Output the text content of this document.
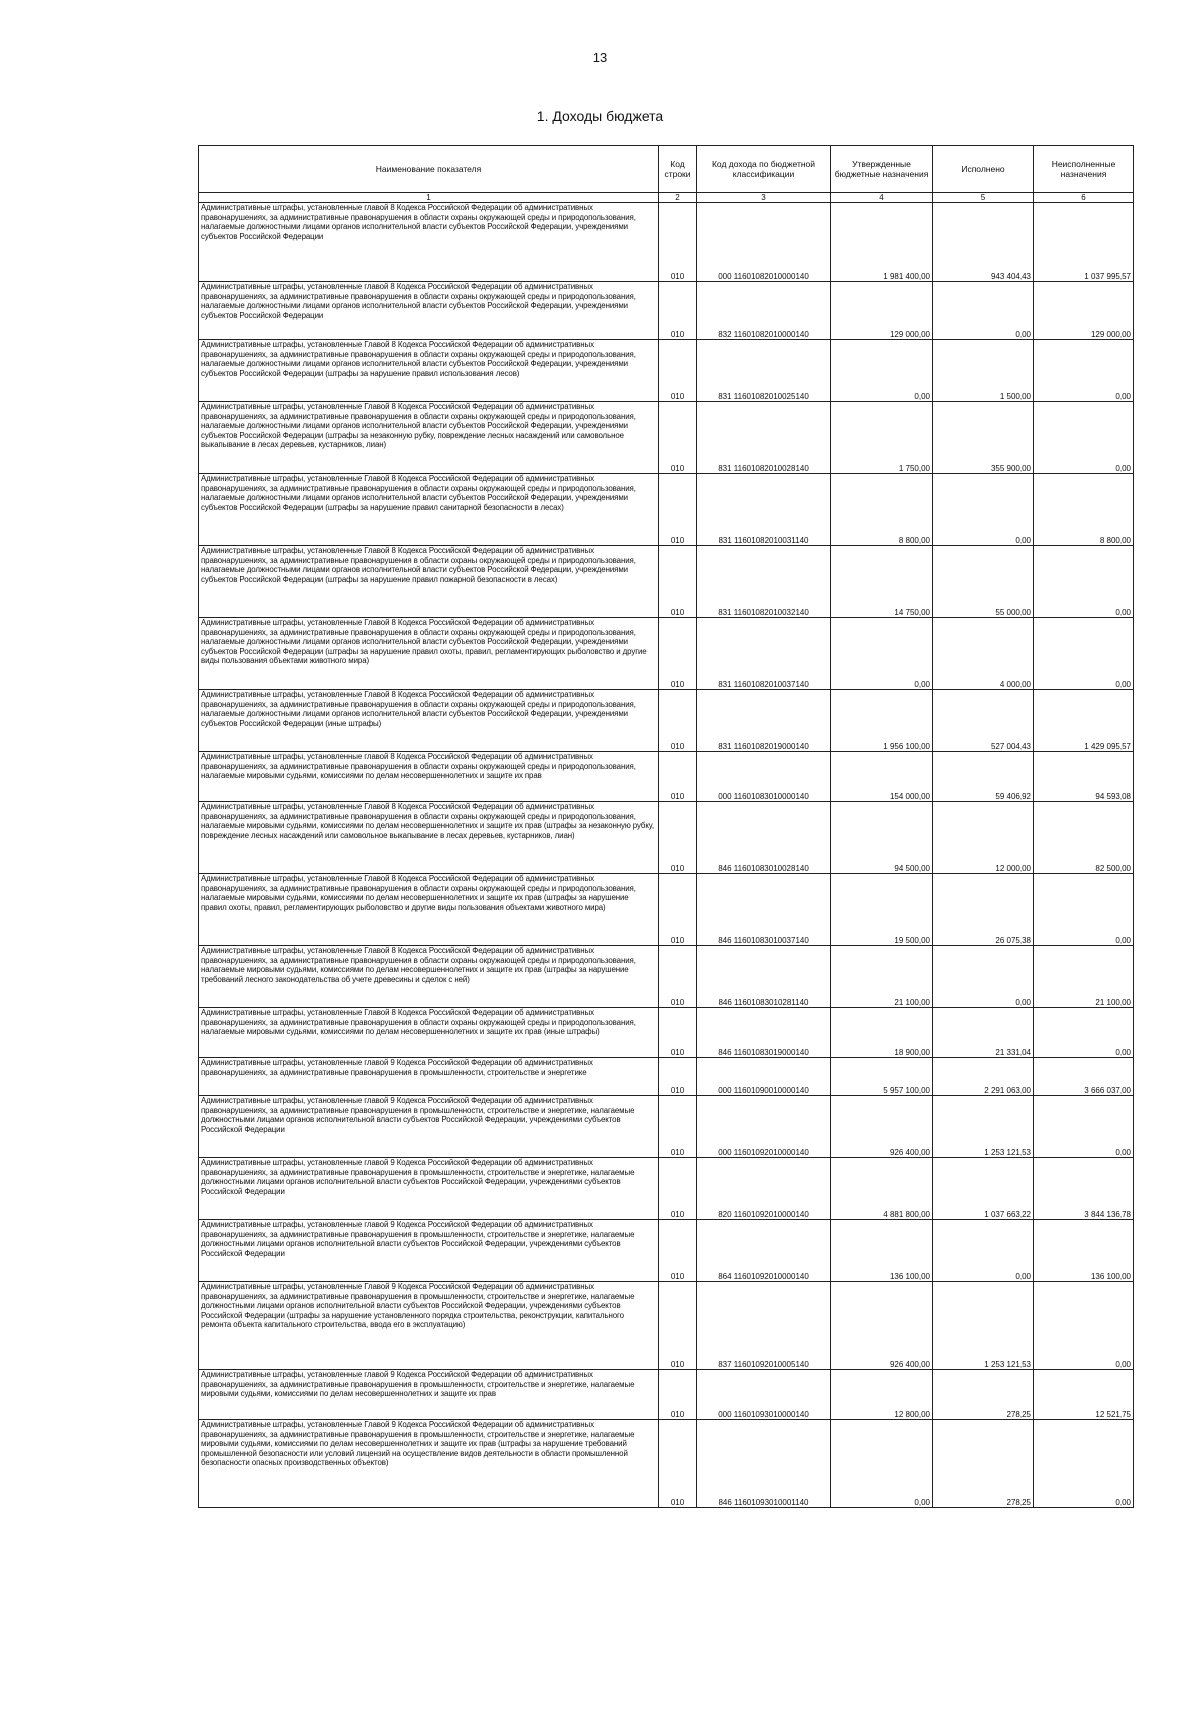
13
1. Доходы бюджета
Наименование показателя	Код строки	Код дохода по бюджетной классификации	Утвержденные бюджетные назначения	Исполнено	Неисполненные назначения
1	2	3	4	5	6
Административные штрафы, установленные главой 8 Кодекса Российской Федерации об административных правонарушениях, за административные правонарушения в области охраны окружающей среды и природопользования, налагаемые должностными лицами органов исполнительной власти субъектов Российской Федерации, учреждениями субъектов Российской Федерации	010	000 11601082010000140	1 981 400,00	943 404,43	1 037 995,57
Административные штрафы, установленные главой 8 Кодекса Российской Федерации об административных правонарушениях, за административные правонарушения в области охраны окружающей среды и природопользования, налагаемые должностными лицами органов исполнительной власти субъектов Российской Федерации, учреждениями субъектов Российской Федерации	010	832 11601082010000140	129 000,00	0,00	129 000,00
Административные штрафы, установленные Главой 8 Кодекса Российской Федерации об административных правонарушениях, за административные правонарушения в области охраны окружающей среды и природопользования, налагаемые должностными лицами органов исполнительной власти субъектов Российской Федерации, учреждениями субъектов Российской Федерации (штрафы за нарушение правил использования лесов)	010	831 11601082010025140	0,00	1 500,00	0,00
Административные штрафы, установленные Главой 8 Кодекса Российской Федерации об административных правонарушениях, за административные правонарушения в области охраны окружающей среды и природопользования, налагаемые должностными лицами органов исполнительной власти субъектов Российской Федерации, учреждениями субъектов Российской Федерации (штрафы за незаконную рубку, повреждение лесных насаждений или самовольное выкапывание в лесах деревьев, кустарников, лиан)	010	831 11601082010028140	1 750,00	355 900,00	0,00
Административные штрафы, установленные Главой 8 Кодекса Российской Федерации об административных правонарушениях, за административные правонарушения в области охраны окружающей среды и природопользования, налагаемые должностными лицами органов исполнительной власти субъектов Российской Федерации, учреждениями субъектов Российской Федерации (штрафы за нарушение правил санитарной безопасности в лесах)	010	831 11601082010031140	8 800,00	0,00	8 800,00
Административные штрафы, установленные Главой 8 Кодекса Российской Федерации об административных правонарушениях, за административные правонарушения в области охраны окружающей среды и природопользования, налагаемые должностными лицами органов исполнительной власти субъектов Российской Федерации, учреждениями субъектов Российской Федерации (штрафы за нарушение правил пожарной безопасности в лесах)	010	831 11601082010032140	14 750,00	55 000,00	0,00
Административные штрафы, установленные Главой 8 Кодекса Российской Федерации об административных правонарушениях, за административные правонарушения в области охраны окружающей среды и природопользования, налагаемые должностными лицами органов исполнительной власти субъектов Российской Федерации, учреждениями субъектов Российской Федерации (штрафы за нарушение правил охоты, правил, регламентирующих рыболовство и другие виды пользования объектами животного мира)	010	831 11601082010037140	0,00	4 000,00	0,00
Административные штрафы, установленные Главой 8 Кодекса Российской Федерации об административных правонарушениях, за административные правонарушения в области охраны окружающей среды и природопользования, налагаемые должностными лицами органов исполнительной власти субъектов Российской Федерации, учреждениями субъектов Российской Федерации (иные штрафы)	010	831 11601082019000140	1 956 100,00	527 004,43	1 429 095,57
Административные штрафы, установленные главой 8 Кодекса Российской Федерации об административных правонарушениях, за административные правонарушения в области охраны окружающей среды и природопользования, налагаемые мировыми судьями, комиссиями по делам несовершеннолетних и защите их прав	010	000 11601083010000140	154 000,00	59 406,92	94 593,08
Административные штрафы, установленные Главой 8 Кодекса Российской Федерации об административных правонарушениях, за административные правонарушения в области охраны окружающей среды и природопользования, налагаемые мировыми судьями, комиссиями по делам несовершеннолетних и защите их прав (штрафы за незаконную рубку, повреждение лесных насаждений или самовольное выкапывание в лесах деревьев, кустарников, лиан)	010	846 11601083010028140	94 500,00	12 000,00	82 500,00
Административные штрафы, установленные Главой 8 Кодекса Российской Федерации об административных правонарушениях, за административные правонарушения в области охраны окружающей среды и природопользования, налагаемые мировыми судьями, комиссиями по делам несовершеннолетних и защите их прав (штрафы за нарушение правил охоты, правил, регламентирующих рыболовство и другие виды пользования объектами животного мира)	010	846 11601083010037140	19 500,00	26 075,38	0,00
Административные штрафы, установленные Главой 8 Кодекса Российской Федерации об административных правонарушениях, за административные правонарушения в области охраны окружающей среды и природопользования, налагаемые мировыми судьями, комиссиями по делам несовершеннолетних и защите их прав (штрафы за нарушение требований лесного законодательства об учете древесины и сделок с ней)	010	846 11601083010281140	21 100,00	0,00	21 100,00
Административные штрафы, установленные Главой 8 Кодекса Российской Федерации об административных правонарушениях, за административные правонарушения в области охраны окружающей среды и природопользования, налагаемые мировыми судьями, комиссиями по делам несовершеннолетних и защите их прав (иные штрафы)	010	846 11601083019000140	18 900,00	21 331,04	0,00
Административные штрафы, установленные главой 9 Кодекса Российской Федерации об административных правонарушениях, за административные правонарушения в промышленности, строительстве и энергетике	010	000 11601090010000140	5 957 100,00	2 291 063,00	3 666 037,00
Административные штрафы, установленные главой 9 Кодекса Российской Федерации об административных правонарушениях, за административные правонарушения в промышленности, строительстве и энергетике, налагаемые должностными лицами органов исполнительной власти субъектов Российской Федерации, учреждениями субъектов Российской Федерации	010	000 11601092010000140	926 400,00	1 253 121,53	0,00
Административные штрафы, установленные главой 9 Кодекса Российской Федерации об административных правонарушениях, за административные правонарушения в промышленности, строительстве и энергетике, налагаемые должностными лицами органов исполнительной власти субъектов Российской Федерации, учреждениями субъектов Российской Федерации	010	820 11601092010000140	4 881 800,00	1 037 663,22	3 844 136,78
Административные штрафы, установленные главой 9 Кодекса Российской Федерации об административных правонарушениях, за административные правонарушения в промышленности, строительстве и энергетике, налагаемые должностными лицами органов исполнительной власти субъектов Российской Федерации, учреждениями субъектов Российской Федерации	010	864 11601092010000140	136 100,00	0,00	136 100,00
Административные штрафы, установленные Главой 9 Кодекса Российской Федерации об административных правонарушениях, за административные правонарушения в промышленности, строительстве и энергетике, налагаемые должностными лицами органов исполнительной власти субъектов Российской Федерации, учреждениями субъектов Российской Федерации (штрафы за нарушение установленного порядка строительства, реконструкции, капитального ремонта объекта капитального строительства, ввода его в эксплуатацию)	010	837 11601092010005140	926 400,00	1 253 121,53	0,00
Административные штрафы, установленные главой 9 Кодекса Российской Федерации об административных правонарушениях, за административные правонарушения в промышленности, строительстве и энергетике, налагаемые мировыми судьями, комиссиями по делам несовершеннолетних и защите их прав	010	000 11601093010000140	12 800,00	278,25	12 521,75
Административные штрафы, установленные Главой 9 Кодекса Российской Федерации об административных правонарушениях, за административные правонарушения в промышленности, строительстве и энергетике, налагаемые мировыми судьями, комиссиями по делам несовершеннолетних и защите их прав (штрафы за нарушение требований промышленной безопасности или условий лицензий на осуществление видов деятельности в области промышленной безопасности опасных производственных объектов)	010	846 11601093010001140	0,00	278,25	0,00
